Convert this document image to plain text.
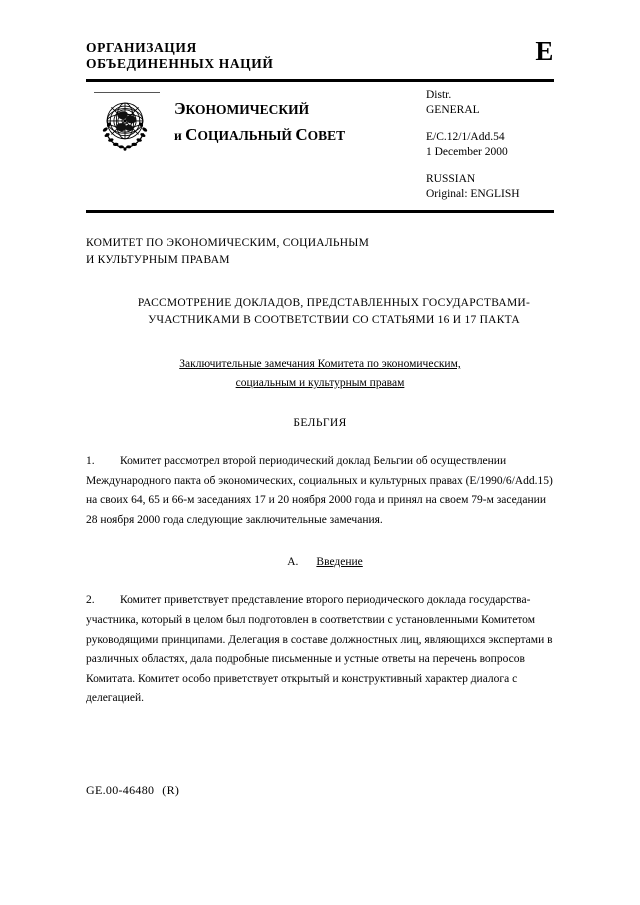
ОРГАНИЗАЦИЯ
ОБЪЕДИНЕННЫХ НАЦИЙ	E
ЭКОНОМИЧЕСКИЙ
и СОЦИАЛЬНЫЙ СОВЕТ
Distr.
GENERAL
E/C.12/1/Add.54
1 December 2000
RUSSIAN
Original: ENGLISH
КОМИТЕТ ПО ЭКОНОМИЧЕСКИМ, СОЦИАЛЬНЫМ
И КУЛЬТУРНЫМ ПРАВАМ
РАССМОТРЕНИЕ ДОКЛАДОВ, ПРЕДСТАВЛЕННЫХ ГОСУДАРСТВАМИ-
УЧАСТНИКАМИ В СООТВЕТСТВИИ СО СТАТЬЯМИ 16 И 17 ПАКТА
Заключительные замечания Комитета по экономическим,
социальным и культурным правам
БЕЛЬГИЯ
1. Комитет рассмотрел второй периодический доклад Бельгии об осуществлении Международного пакта об экономических, социальных и культурных правах (E/1990/6/Add.15) на своих 64, 65 и 66-м заседаниях 17 и 20 ноября 2000 года и принял на своем 79-м заседании 28 ноября 2000 года следующие заключительные замечания.
A. Введение
2. Комитет приветствует представление второго периодического доклада государства-участника, который в целом был подготовлен в соответствии с установленными Комитетом руководящими принципами. Делегация в составе должностных лиц, являющихся экспертами в различных областях, дала подробные письменные и устные ответы на перечень вопросов Комитата. Комитет особо приветствует открытый и конструктивный характер диалога с делегацией.
GE.00-46480 (R)
